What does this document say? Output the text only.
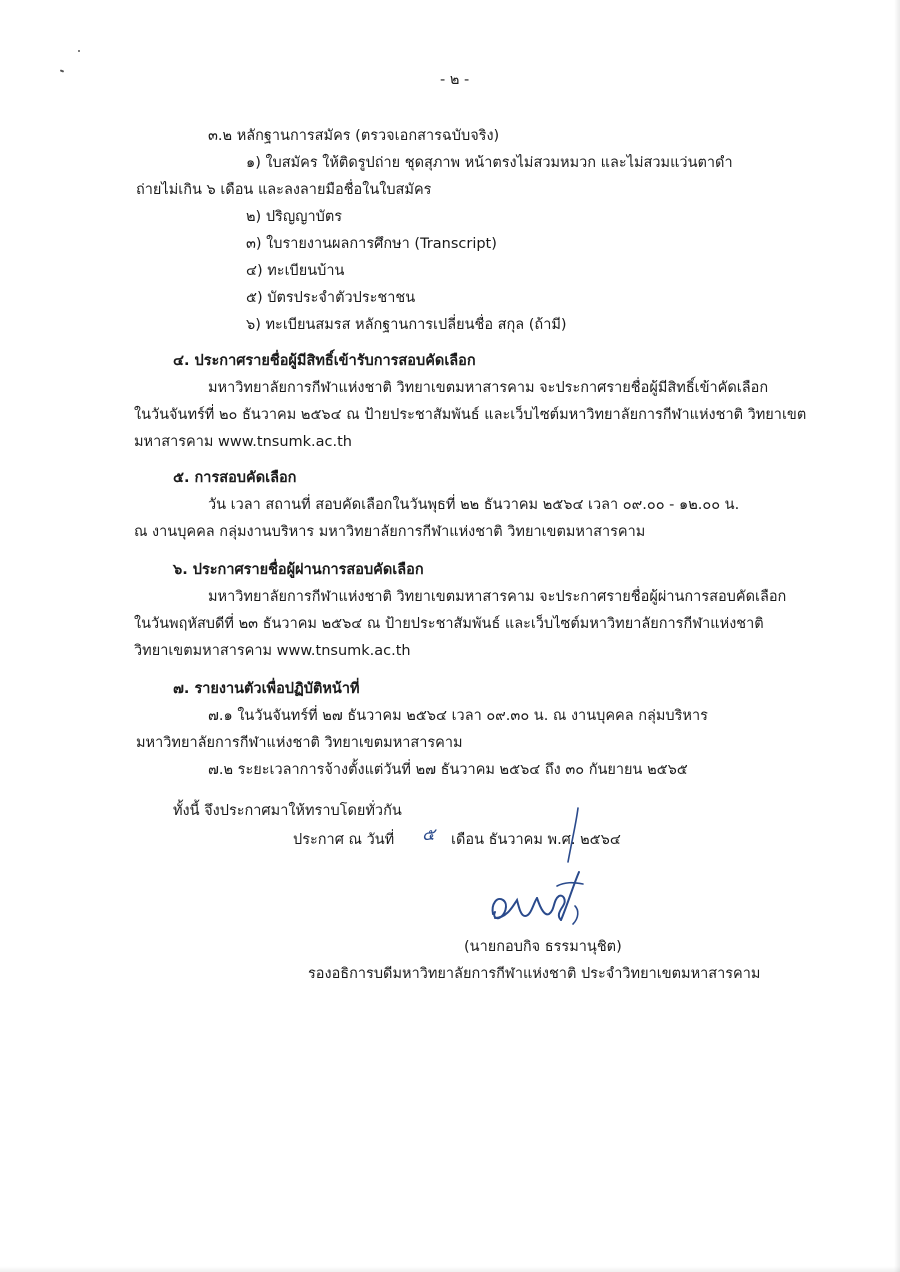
- ๒ -
๓.๒ หลักฐานการสมัคร (ตรวจเอกสารฉบับจริง)
๑) ใบสมัคร ให้ติดรูปถ่าย ชุดสุภาพ หน้าตรงไม่สวมหมวก และไม่สวมแว่นตาดำ
ถ่ายไม่เกิน ๖ เดือน และลงลายมือชื่อในใบสมัคร
๒) ปริญญาบัตร
๓) ใบรายงานผลการศึกษา (Transcript)
๔) ทะเบียนบ้าน
๕) บัตรประจำตัวประชาชน
๖) ทะเบียนสมรส หลักฐานการเปลี่ยนชื่อ สกุล (ถ้ามี)
๔. ประกาศรายชื่อผู้มีสิทธิ์เข้ารับการสอบคัดเลือก
มหาวิทยาลัยการกีฬาแห่งชาติ วิทยาเขตมหาสารคาม จะประกาศรายชื่อผู้มีสิทธิ์เข้าคัดเลือก
ในวันจันทร์ที่ ๒๐ ธันวาคม ๒๕๖๔ ณ ป้ายประชาสัมพันธ์ และเว็บไซต์มหาวิทยาลัยการกีฬาแห่งชาติ วิทยาเขต
มหาสารคาม www.tnsumk.ac.th
๕. การสอบคัดเลือก
วัน เวลา สถานที่ สอบคัดเลือกในวันพุธที่ ๒๒ ธันวาคม ๒๕๖๔ เวลา ๐๙.๐๐ - ๑๒.๐๐ น.
ณ งานบุคคล กลุ่มงานบริหาร มหาวิทยาลัยการกีฬาแห่งชาติ วิทยาเขตมหาสารคาม
๖. ประกาศรายชื่อผู้ผ่านการสอบคัดเลือก
มหาวิทยาลัยการกีฬาแห่งชาติ วิทยาเขตมหาสารคาม จะประกาศรายชื่อผู้ผ่านการสอบคัดเลือก
ในวันพฤหัสบดีที่ ๒๓ ธันวาคม ๒๕๖๔ ณ ป้ายประชาสัมพันธ์ และเว็บไซต์มหาวิทยาลัยการกีฬาแห่งชาติ
วิทยาเขตมหาสารคาม www.tnsumk.ac.th
๗. รายงานตัวเพื่อปฏิบัติหน้าที่
๗.๑ ในวันจันทร์ที่ ๒๗ ธันวาคม ๒๕๖๔ เวลา ๐๙.๓๐ น. ณ งานบุคคล กลุ่มบริหาร
มหาวิทยาลัยการกีฬาแห่งชาติ วิทยาเขตมหาสารคาม
๗.๒ ระยะเวลาการจ้างตั้งแต่วันที่ ๒๗ ธันวาคม ๒๕๖๔ ถึง ๓๐ กันยายน ๒๕๖๕
ทั้งนี้ จึงประกาศมาให้ทราบโดยทั่วกัน
ประกาศ ณ วันที่ ๕ เดือน ธันวาคม พ.ศ. ๒๕๖๔
(นายกอบกิจ ธรรมานุชิต)
รองอธิการบดีมหาวิทยาลัยการกีฬาแห่งชาติ ประจำวิทยาเขตมหาสารคาม
